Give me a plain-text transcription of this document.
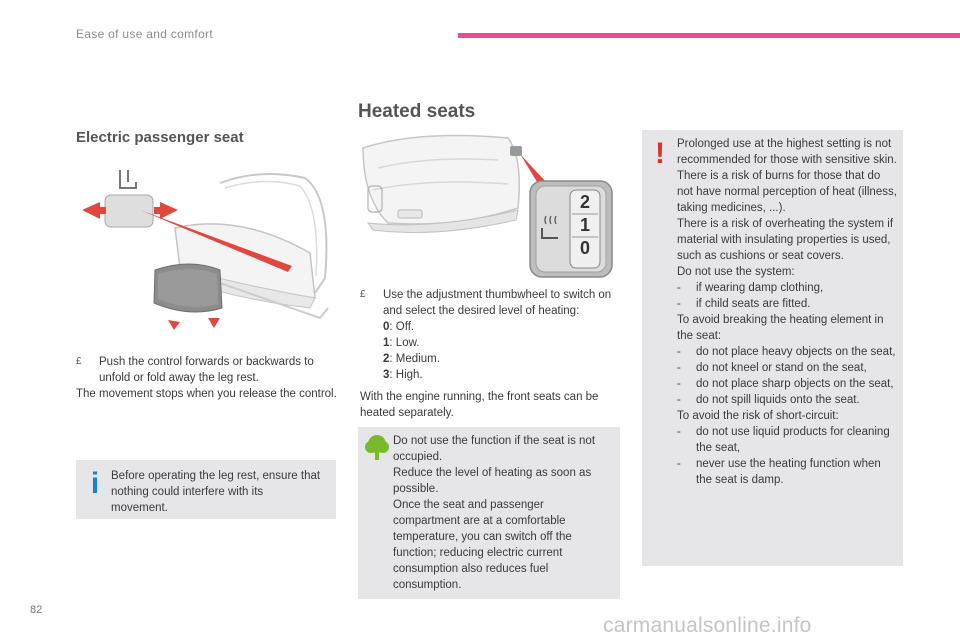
Ease of use and comfort
Heated seats
Electric passenger seat
£	Push the control forwards or backwards to unfold or fold away the leg rest.
The movement stops when you release the control.
i	Before operating the leg rest, ensure that nothing could interfere with its movement.
2
1
0
£	Use the adjustment thumbwheel to switch on and select the desired level of heating:
0: Off.
1: Low.
2: Medium.
3: High.
With the engine running, the front seats can be heated separately.
Do not use the function if the seat is not occupied.
Reduce the level of heating as soon as possible.
Once the seat and passenger compartment are at a comfortable temperature, you can switch off the function; reducing electric current consumption also reduces fuel consumption.
!	Prolonged use at the highest setting is not recommended for those with sensitive skin.
There is a risk of burns for those that do not have normal perception of heat (illness, taking medicines, ...).
There is a risk of overheating the system if material with insulating properties is used, such as cushions or seat covers.
Do not use the system:
- if wearing damp clothing,
- if child seats are fitted.
To avoid breaking the heating element in the seat:
- do not place heavy objects on the seat,
- do not kneel or stand on the seat,
- do not place sharp objects on the seat,
- do not spill liquids onto the seat.
To avoid the risk of short-circuit:
- do not use liquid products for cleaning the seat,
- never use the heating function when the seat is damp.
82
carmanualsonline.info
